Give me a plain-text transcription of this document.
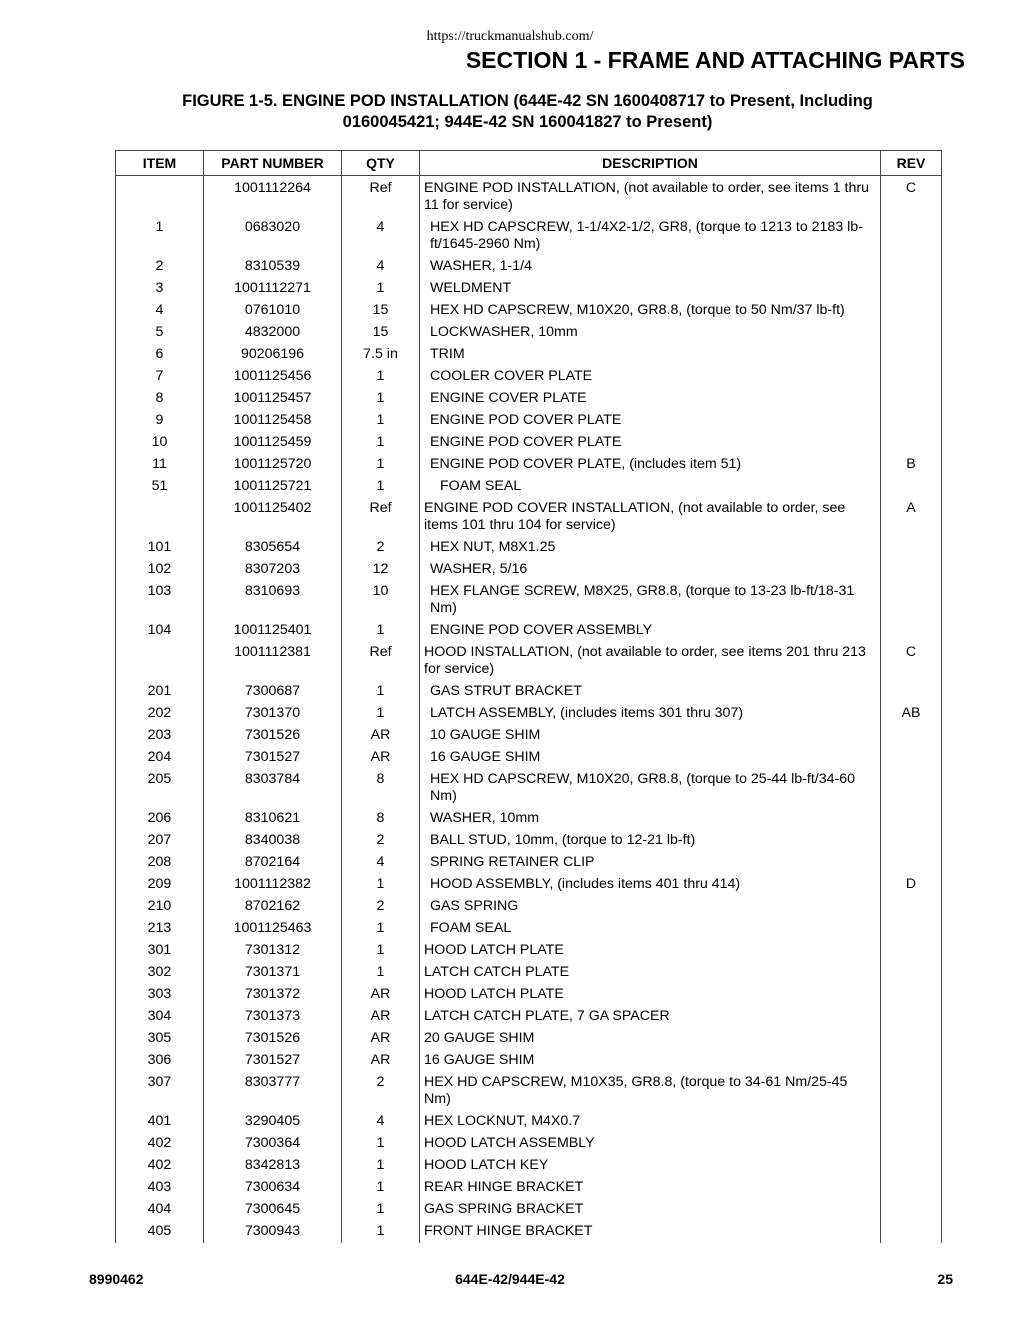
https://truckmanualshub.com/
SECTION 1 - FRAME AND ATTACHING PARTS
FIGURE 1-5. ENGINE POD INSTALLATION (644E-42 SN 1600408717 to Present, Including
0160045421; 944E-42 SN 160041827 to Present)
ITEM	PART NUMBER	QTY	DESCRIPTION	REV
	1001112264	Ref	ENGINE POD INSTALLATION, (not available to order, see items 1 thru 11 for service)	C
1	0683020	4	HEX HD CAPSCREW, 1-1/4X2-1/2, GR8, (torque to 1213 to 2183 lb-ft/1645-2960 Nm)	
2	8310539	4	WASHER, 1-1/4	
3	1001112271	1	WELDMENT	
4	0761010	15	HEX HD CAPSCREW, M10X20, GR8.8, (torque to 50 Nm/37 lb-ft)	
5	4832000	15	LOCKWASHER, 10mm	
6	90206196	7.5 in	TRIM	
7	1001125456	1	COOLER COVER PLATE	
8	1001125457	1	ENGINE COVER PLATE	
9	1001125458	1	ENGINE POD COVER PLATE	
10	1001125459	1	ENGINE POD COVER PLATE	
11	1001125720	1	ENGINE POD COVER PLATE, (includes item 51)	B
51	1001125721	1	FOAM SEAL	
	1001125402	Ref	ENGINE POD COVER INSTALLATION, (not available to order, see items 101 thru 104 for service)	A
101	8305654	2	HEX NUT, M8X1.25	
102	8307203	12	WASHER, 5/16	
103	8310693	10	HEX FLANGE SCREW, M8X25, GR8.8, (torque to 13-23 lb-ft/18-31 Nm)	
104	1001125401	1	ENGINE POD COVER ASSEMBLY	
	1001112381	Ref	HOOD INSTALLATION, (not available to order, see items 201 thru 213 for service)	C
201	7300687	1	GAS STRUT BRACKET	
202	7301370	1	LATCH ASSEMBLY, (includes items 301 thru 307)	AB
203	7301526	AR	10 GAUGE SHIM	
204	7301527	AR	16 GAUGE SHIM	
205	8303784	8	HEX HD CAPSCREW, M10X20, GR8.8, (torque to 25-44 lb-ft/34-60 Nm)	
206	8310621	8	WASHER, 10mm	
207	8340038	2	BALL STUD, 10mm, (torque to 12-21 lb-ft)	
208	8702164	4	SPRING RETAINER CLIP	
209	1001112382	1	HOOD ASSEMBLY, (includes items 401 thru 414)	D
210	8702162	2	GAS SPRING	
213	1001125463	1	FOAM SEAL	
301	7301312	1	HOOD LATCH PLATE	
302	7301371	1	LATCH CATCH PLATE	
303	7301372	AR	HOOD LATCH PLATE	
304	7301373	AR	LATCH CATCH PLATE, 7 GA SPACER	
305	7301526	AR	20 GAUGE SHIM	
306	7301527	AR	16 GAUGE SHIM	
307	8303777	2	HEX HD CAPSCREW, M10X35, GR8.8, (torque to 34-61 Nm/25-45 Nm)	
401	3290405	4	HEX LOCKNUT, M4X0.7	
402	7300364	1	HOOD LATCH ASSEMBLY	
402	8342813	1	HOOD LATCH KEY	
403	7300634	1	REAR HINGE BRACKET	
404	7300645	1	GAS SPRING BRACKET	
405	7300943	1	FRONT HINGE BRACKET	
8990462	644E-42/944E-42	25
